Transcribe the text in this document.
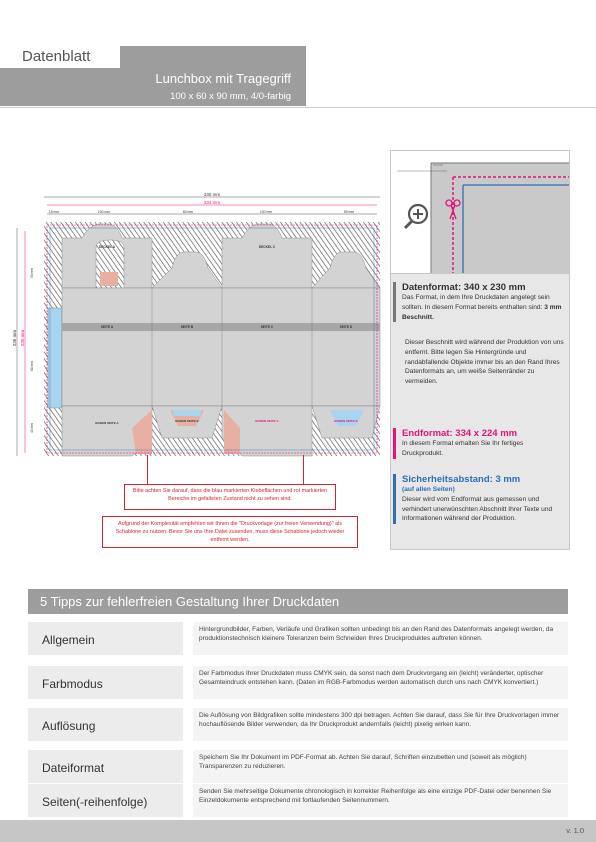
Datenblatt
Lunchbox mit Tragegriff
100 x 60 x 90 mm, 4/0-farbig
340 mm
334 mm
15 mm	100 mm	60 mm	100 mm	59 mm
236 mm 230 mm
90 mm
60 mm
40 mm
SEITE A	SEITE B	SEITE C	SEITE D
DECKEL A	DECKEL C
BODEN SEITE A	BODEN SEITE B	BODEN SEITE C	BODEN SEITE D
Bitte achten Sie darauf, dass die blau markierten Klebeflächen und rot markierten Bereiche im gefalteten Zustand nicht zu sehen sind.
Aufgrund der Komplexität empfehlen wir Ihnen die "Druckvorlage (zur freien Verwendung)" als Schablone zu nutzen. Bevor Sie uns Ihre Datei zusenden, muss diese Schablone jedoch wieder entfernt werden.
Datenformat: 340 x 230 mm
Das Format, in dem Ihre Druckdaten angelegt sein sollten. In diesem Format bereits enthalten sind: 3 mm Beschnitt.
Dieser Beschnitt wird während der Produktion von uns entfernt. Bitte legen Sie Hintergründe und randabfallende Objekte immer bis an den Rand Ihres Datenformats an, um weiße Seitenränder zu vermeiden.
Endformat: 334 x 224 mm
In diesem Format erhalten Sie Ihr fertiges Druckprodukt.
Sicherheitsabstand: 3 mm
(auf allen Seiten)
Dieser wird vom Endformat aus gemessen und verhindert unerwünschten Abschnitt Ihrer Texte und Informationen während der Produktion.
5 Tipps zur fehlerfreien Gestaltung Ihrer Druckdaten
Allgemein
Hintergrundbilder, Farben, Verläufe und Grafiken sollten unbedingt bis an den Rand des Datenformats angelegt werden, da produktionstechnisch kleinere Toleranzen beim Schneiden Ihres Druckproduktes auftreten können.
Farbmodus
Der Farbmodus Ihrer Druckdaten muss CMYK sein, da sonst nach dem Druckvorgang ein (leicht) veränderter, optischer Gesamteindruck entstehen kann. (Daten im RGB-Farbmodus werden automatisch durch uns nach CMYK konvertiert.)
Auflösung
Die Auflösung von Bildgrafiken sollte mindestens 300 dpi betragen. Achten Sie darauf, dass Sie für Ihre Druckvorlagen immer hochauflösende Bilder verwenden, da Ihr Druckprodukt andernfalls (leicht) pixelig wirken kann.
Dateiformat
Speichern Sie Ihr Dokument im PDF-Format ab. Achten Sie darauf, Schriften einzubetten und (soweit als möglich) Transparenzen zu reduzieren.
Seiten(-reihenfolge)
Senden Sie mehrseitige Dokumente chronologisch in korrekter Reihenfolge als eine einzige PDF-Datei oder benennen Sie Einzeldokumente entsprechend mit fortlaufenden Seitennummern.
v. 1.0
